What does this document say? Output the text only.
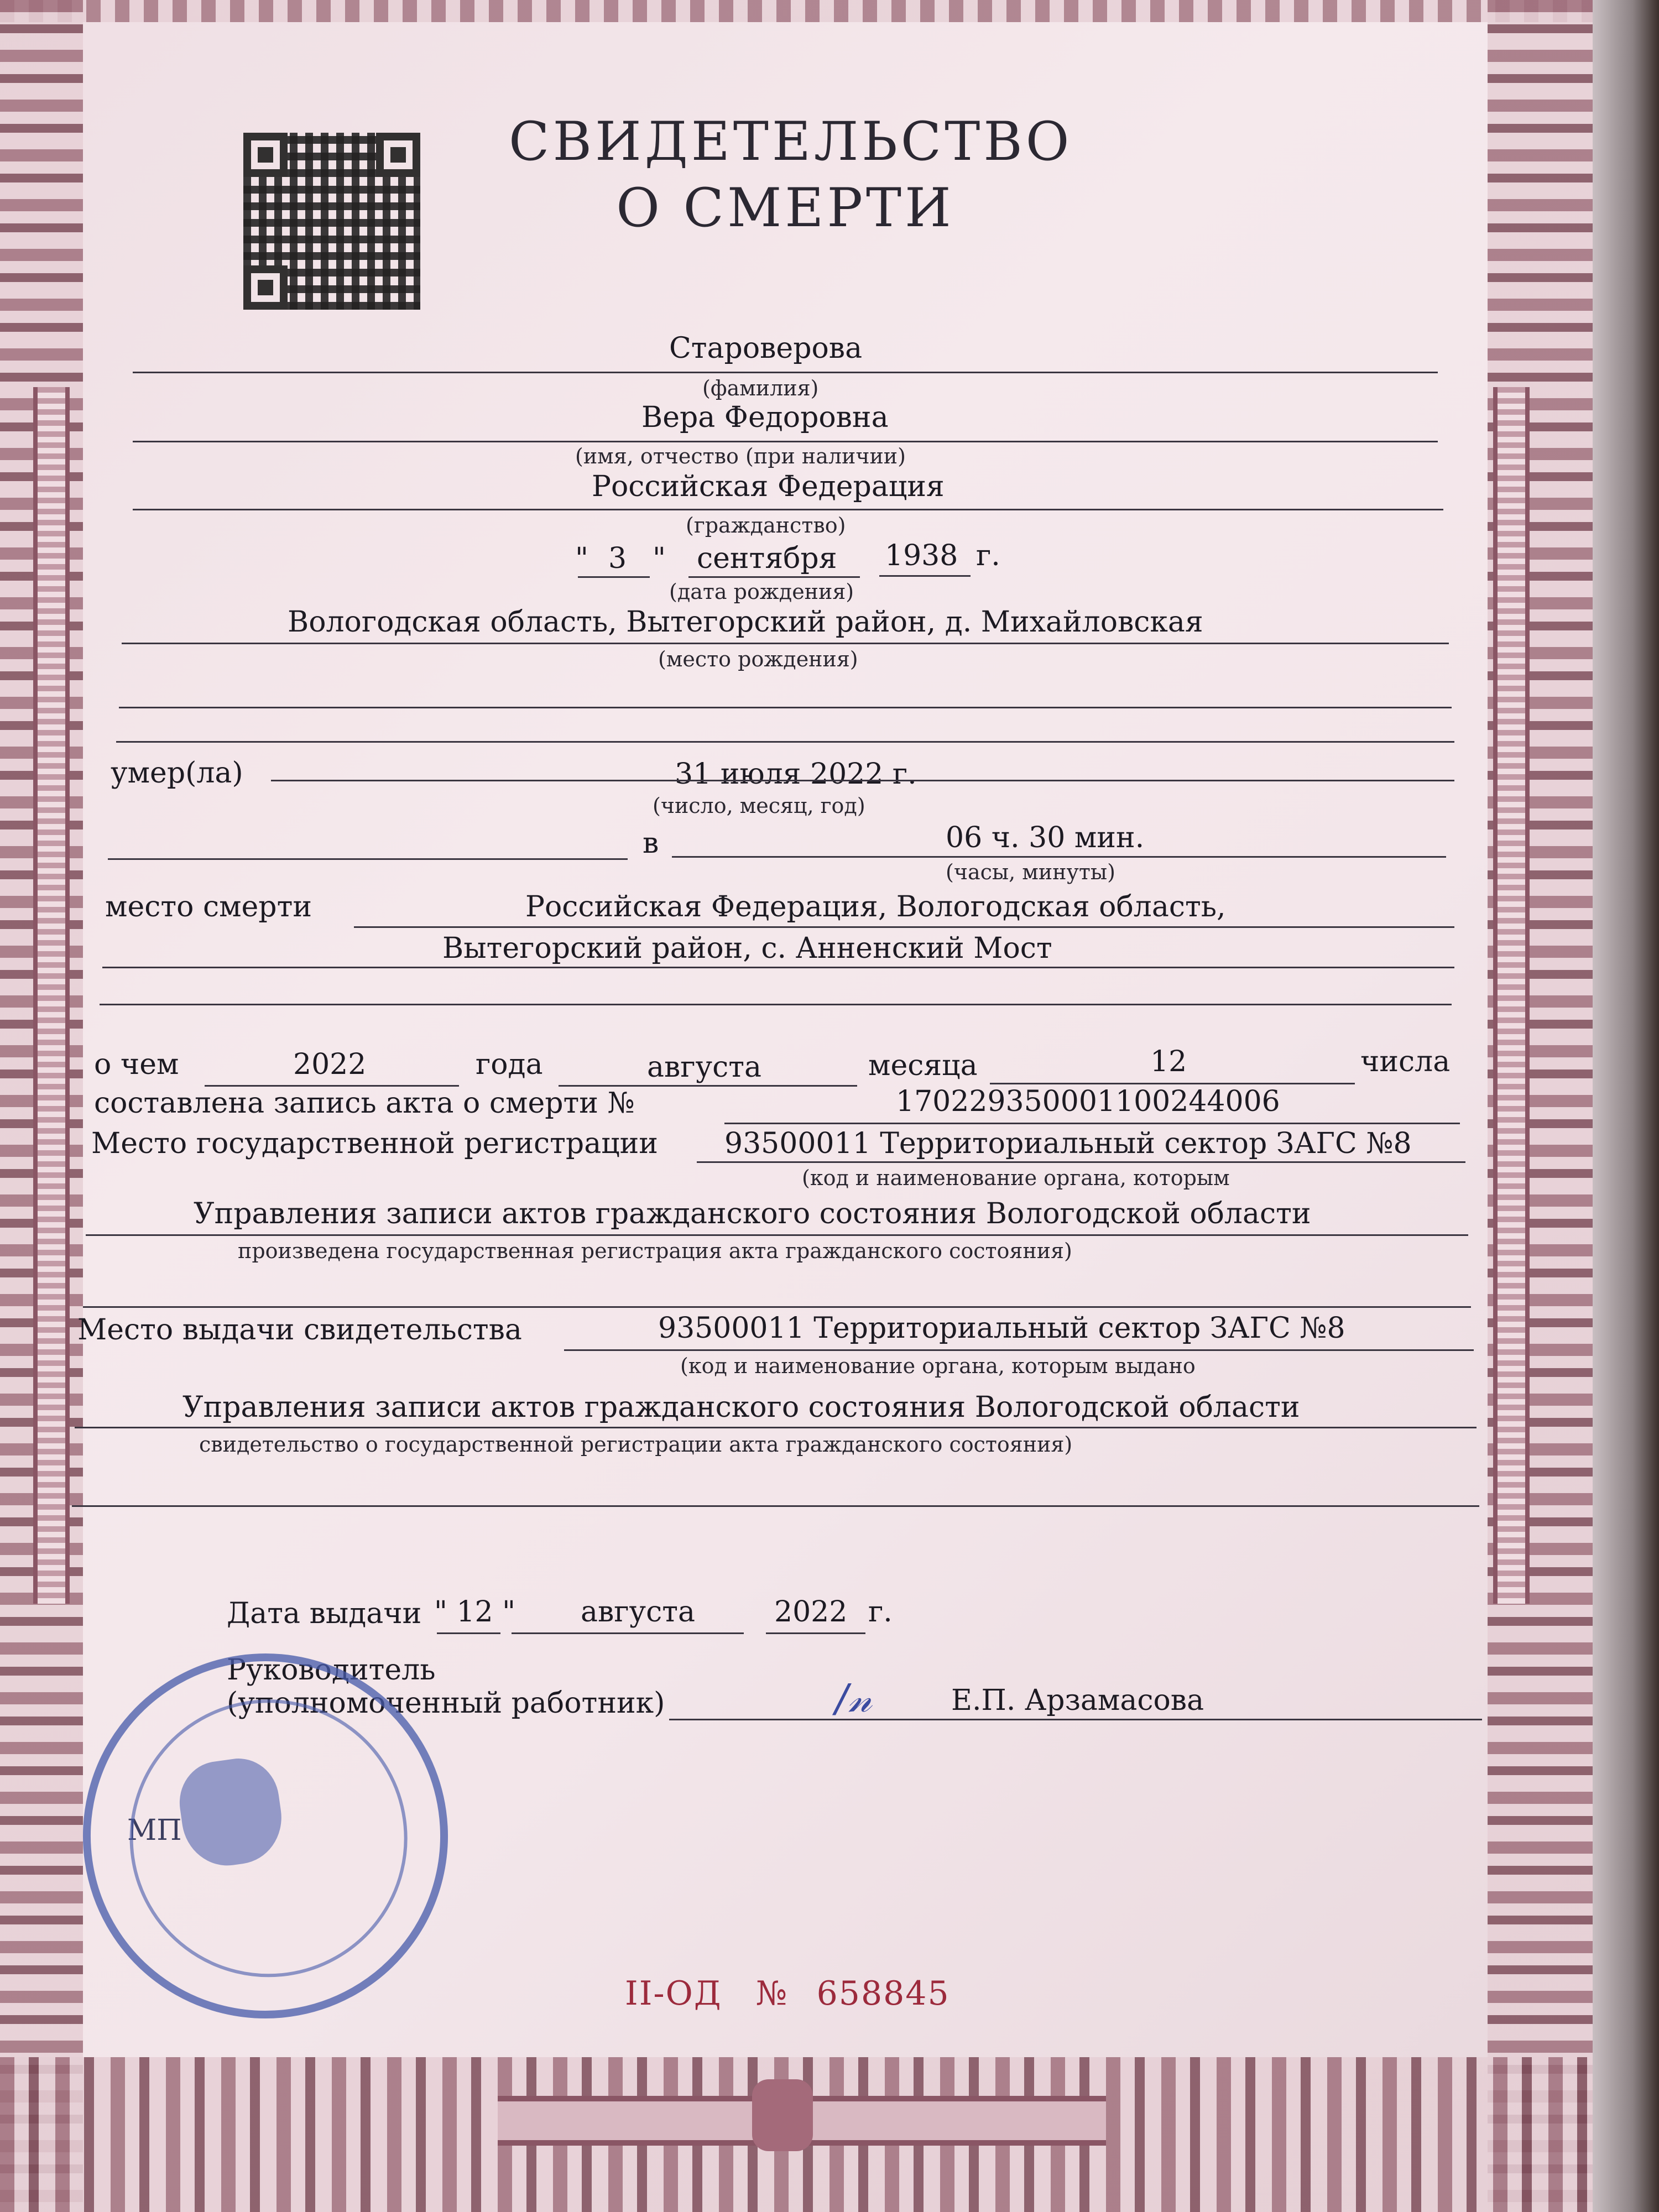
СВИДЕТЕЛЬСТВО
О СМЕРТИ
Староверова
(фамилия)
Вера Федоровна
(имя, отчество (при наличии)
Российская Федерация
(гражданство)
" 3 " сентября 1938 г.
(дата рождения)
Вологодская область, Вытегорский район, д. Михайловская
(место рождения)
умер(ла)	31 июля 2022 г.
(число, месяц, год)
в	06 ч. 30 мин.
(часы, минуты)
место смерти	Российская Федерация, Вологодская область,
Вытегорский район, с. Анненский Мост
о чем	2022	года	августа	месяца	12	числа
составлена запись акта о смерти №	170229350001100244006
Место государственной регистрации 93500011 Территориальный сектор ЗАГС №8
(код и наименование органа, которым
Управления записи актов гражданского состояния Вологодской области
произведена государственная регистрация акта гражданского состояния)
Место выдачи свидетельства	93500011 Территориальный сектор ЗАГС №8
(код и наименование органа, которым выдано
Управления записи актов гражданского состояния Вологодской области
свидетельство о государственной регистрации акта гражданского состояния)
Дата выдачи " 12 " августа	2022 г.
Руководитель
(уполномоченный работник)	∕𝓃	Е.П. Арзамасова
МП
II-ОД № 658845
